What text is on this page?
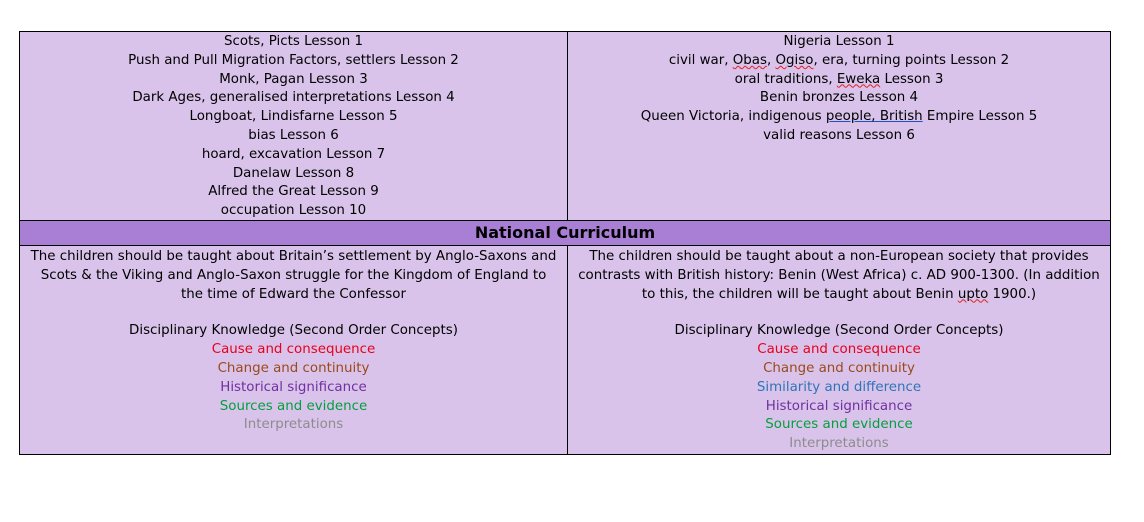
Scots, Picts Lesson 1
Push and Pull Migration Factors, settlers Lesson 2
Monk, Pagan Lesson 3
Dark Ages, generalised interpretations Lesson 4
Longboat, Lindisfarne Lesson 5
bias Lesson 6
hoard, excavation Lesson 7
Danelaw Lesson 8
Alfred the Great Lesson 9
occupation Lesson 10
Nigeria Lesson 1
civil war, Obas, Ogiso, era, turning points Lesson 2
oral traditions, Eweka Lesson 3
Benin bronzes Lesson 4
Queen Victoria, indigenous people, British Empire Lesson 5
valid reasons Lesson 6
National Curriculum
The children should be taught about Britain’s settlement by Anglo-Saxons and Scots & the Viking and Anglo-Saxon struggle for the Kingdom of England to the time of Edward the Confessor
Disciplinary Knowledge (Second Order Concepts)
Cause and consequence
Change and continuity
Historical significance
Sources and evidence
Interpretations
The children should be taught about a non-European society that provides contrasts with British history: Benin (West Africa) c. AD 900-1300. (In addition to this, the children will be taught about Benin upto 1900.)
Disciplinary Knowledge (Second Order Concepts)
Cause and consequence
Change and continuity
Similarity and difference
Historical significance
Sources and evidence
Interpretations
